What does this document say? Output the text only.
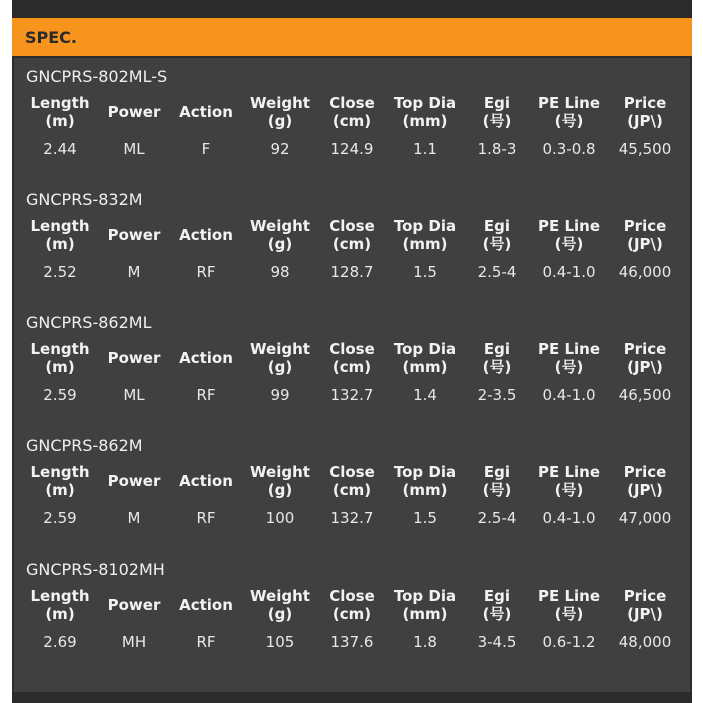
SPEC.
GNCPRS-802ML-S
Length
(m)
2.44
Power
ML
Action
F
Weight
(g)
92
Close
(cm)
124.9
Top Dia
(mm)
1.1
Egi
(号)
1.8-3
PE Line
(号)
0.3-0.8
Price
(JP\)
45,500
GNCPRS-832M
Length
(m)
2.52
Power
M
Action
RF
Weight
(g)
98
Close
(cm)
128.7
Top Dia
(mm)
1.5
Egi
(号)
2.5-4
PE Line
(号)
0.4-1.0
Price
(JP\)
46,000
GNCPRS-862ML
Length
(m)
2.59
Power
ML
Action
RF
Weight
(g)
99
Close
(cm)
132.7
Top Dia
(mm)
1.4
Egi
(号)
2-3.5
PE Line
(号)
0.4-1.0
Price
(JP\)
46,500
GNCPRS-862M
Length
(m)
2.59
Power
M
Action
RF
Weight
(g)
100
Close
(cm)
132.7
Top Dia
(mm)
1.5
Egi
(号)
2.5-4
PE Line
(号)
0.4-1.0
Price
(JP\)
47,000
GNCPRS-8102MH
Length
(m)
2.69
Power
MH
Action
RF
Weight
(g)
105
Close
(cm)
137.6
Top Dia
(mm)
1.8
Egi
(号)
3-4.5
PE Line
(号)
0.6-1.2
Price
(JP\)
48,000
